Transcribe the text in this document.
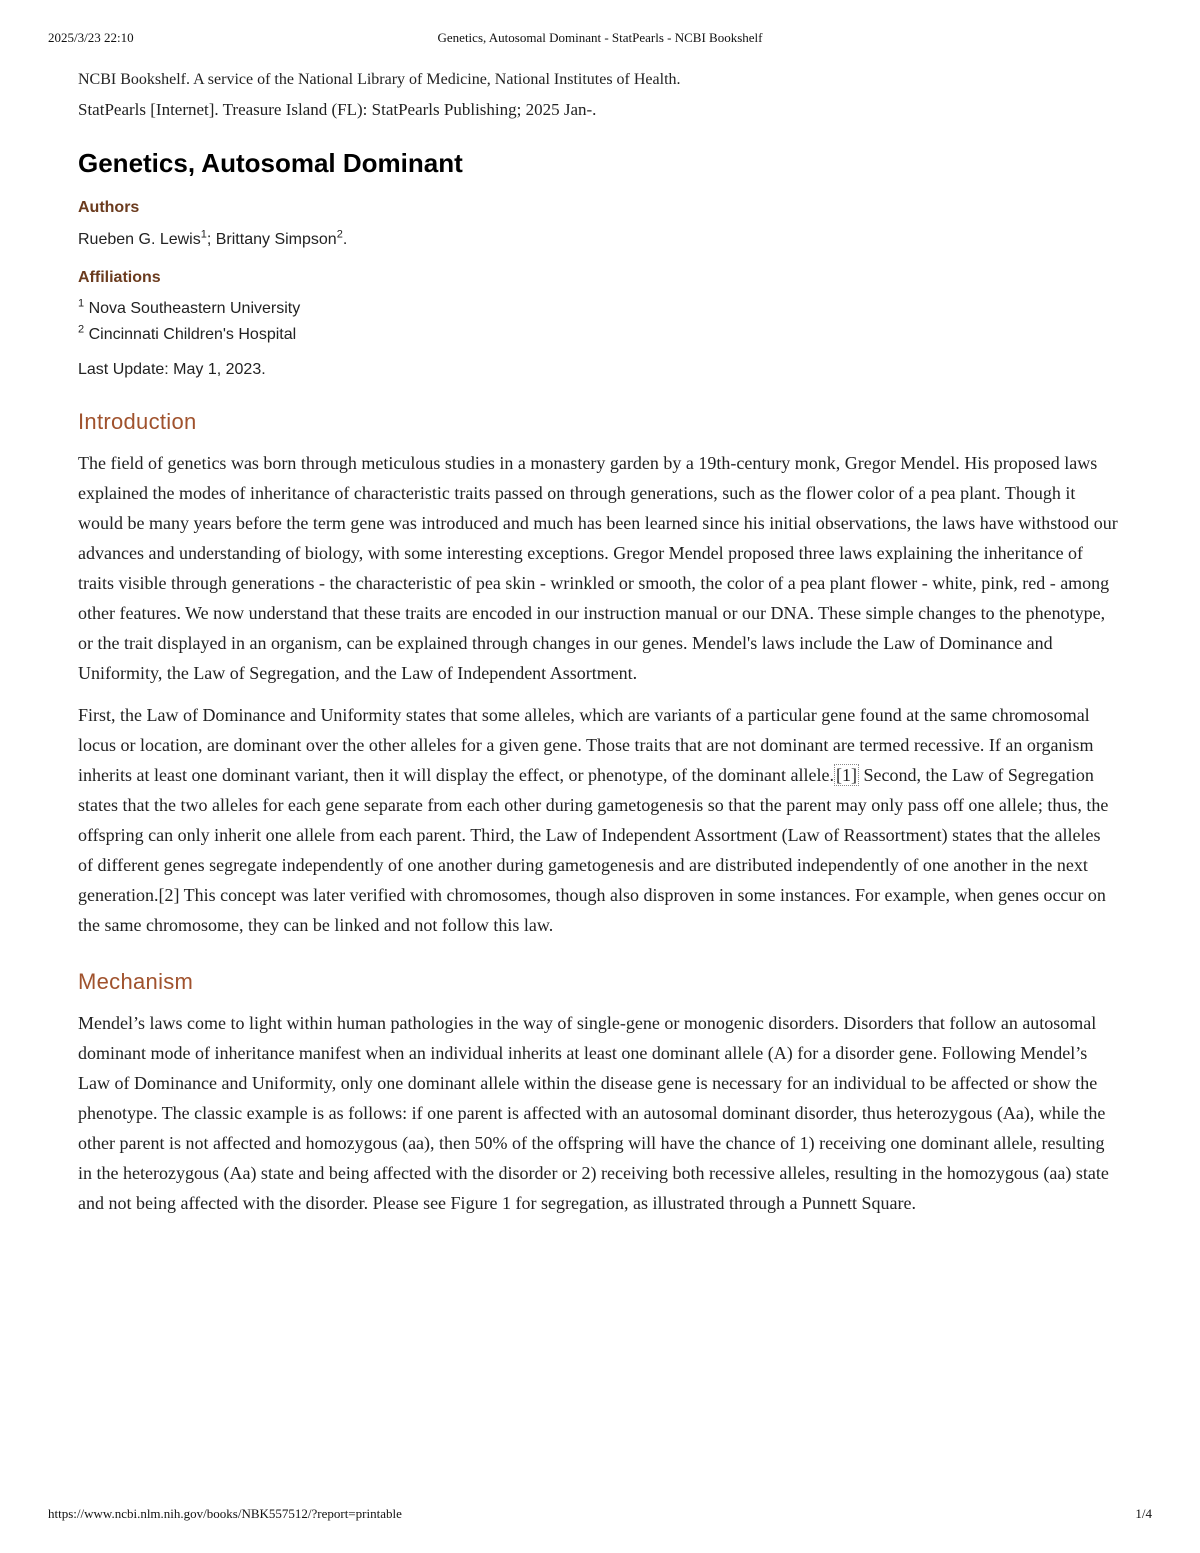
2025/3/23 22:10	Genetics, Autosomal Dominant - StatPearls - NCBI Bookshelf
NCBI Bookshelf. A service of the National Library of Medicine, National Institutes of Health.
StatPearls [Internet]. Treasure Island (FL): StatPearls Publishing; 2025 Jan-.
Genetics, Autosomal Dominant
Authors
Rueben G. Lewis$^1$; Brittany Simpson$^2$.
Affiliations
$^1$ Nova Southeastern University
$^2$ Cincinnati Children's Hospital
Last Update: May 1, 2023.
Introduction

The field of genetics was born through meticulous studies in a monastery garden by a 19th-century monk, Gregor Mendel. His proposed laws explained the modes of inheritance of characteristic traits passed on through generations, such as the flower color of a pea plant. Though it would be many years before the term gene was introduced and much has been learned since his initial observations, the laws have withstood our advances and understanding of biology, with some interesting exceptions. Gregor Mendel proposed three laws explaining the inheritance of traits visible through generations - the characteristic of pea skin - wrinkled or smooth, the color of a pea plant flower - white, pink, red - among other features. We now understand that these traits are encoded in our instruction manual or our DNA. These simple changes to the phenotype, or the trait displayed in an organism, can be explained through changes in our genes. Mendel's laws include the Law of Dominance and Uniformity, the Law of Segregation, and the Law of Independent Assortment.

First, the Law of Dominance and Uniformity states that some alleles, which are variants of a particular gene found at the same chromosomal locus or location, are dominant over the other alleles for a given gene. Those traits that are not dominant are termed recessive. If an organism inherits at least one dominant variant, then it will display the effect, or phenotype, of the dominant allele. [1] Second, the Law of Segregation states that the two alleles for each gene separate from each other during gametogenesis so that the parent may only pass off one allele; thus, the offspring can only inherit one allele from each parent. Third, the Law of Independent Assortment (Law of Reassortment) states that the alleles of different genes segregate independently of one another during gametogenesis and are distributed independently of one another in the next generation.[2] This concept was later verified with chromosomes, though also disproven in some instances. For example, when genes occur on the same chromosome, they can be linked and not follow this law.

Mechanism

Mendel’s laws come to light within human pathologies in the way of single-gene or monogenic disorders. Disorders that follow an autosomal dominant mode of inheritance manifest when an individual inherits at least one dominant allele (A) for a disorder gene. Following Mendel’s Law of Dominance and Uniformity, only one dominant allele within the disease gene is necessary for an individual to be affected or show the phenotype. The classic example is as follows: if one parent is affected with an autosomal dominant disorder, thus heterozygous (Aa), while the other parent is not affected and homozygous (aa), then 50% of the offspring will have the chance of 1) receiving one dominant allele, resulting in the heterozygous (Aa) state and being affected with the disorder or 2) receiving both recessive alleles, resulting in the homozygous (aa) state and not being affected with the disorder. Please see Figure 1 for segregation, as illustrated through a Punnett Square.

https://www.ncbi.nlm.nih.gov/books/NBK557512/?report=printable	1/4
